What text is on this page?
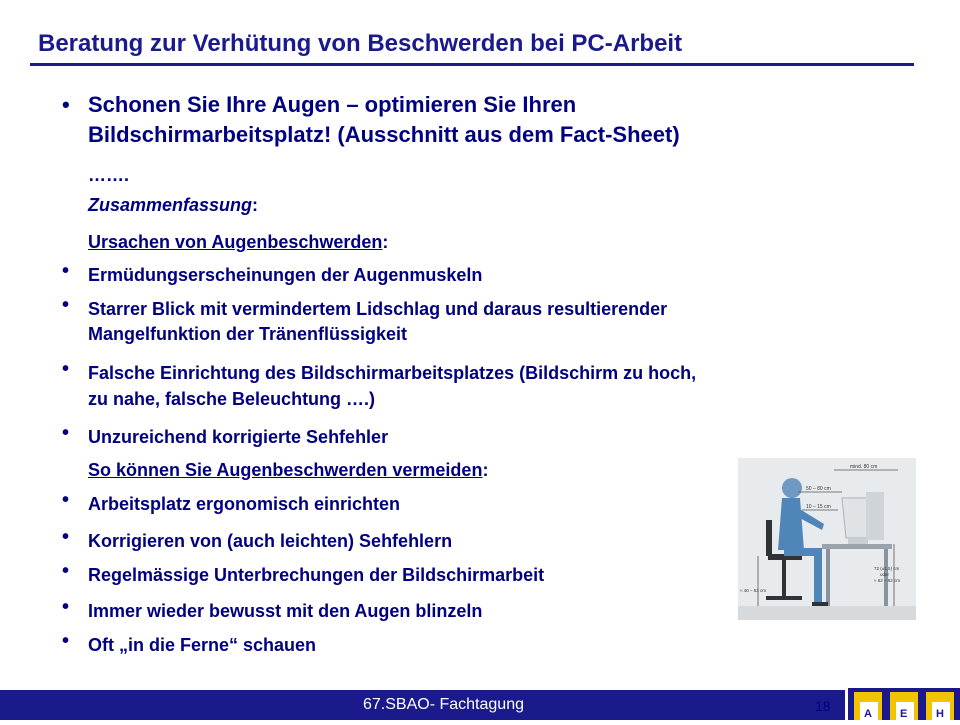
Beratung zur Verhütung von Beschwerden bei PC-Arbeit
• Schonen Sie Ihre Augen – optimieren Sie Ihren
Bildschirmarbeitsplatz! (Ausschnitt aus dem Fact-Sheet)
…….
Zusammenfassung:
Ursachen von Augenbeschwerden:
• Ermüdungserscheinungen der Augenmuskeln
• Starrer Blick mit vermindertem Lidschlag und daraus resultierender
Mangelfunktion der Tränenflüssigkeit
• Falsche Einrichtung des Bildschirmarbeitsplatzes (Bildschirm zu hoch,
zu nahe, falsche Beleuchtung ….)
• Unzureichend korrigierte Sehfehler
So können Sie Augenbeschwerden vermeiden:
• Arbeitsplatz ergonomisch einrichten
• Korrigieren von (auch leichten) Sehfehlern
• Regelmässige Unterbrechungen der Bildschirmarbeit
• Immer wieder bewusst mit den Augen blinzeln
• Oft „in die Ferne“ schauen
mind. 80 cm
50 – 80 cm
10 – 15 cm
72 (±1,5) cm
oder
≈ 62 – 82 cm
≈ 40 – 53 cm
67.SBAO- Fachtagung	18	A	E	H
